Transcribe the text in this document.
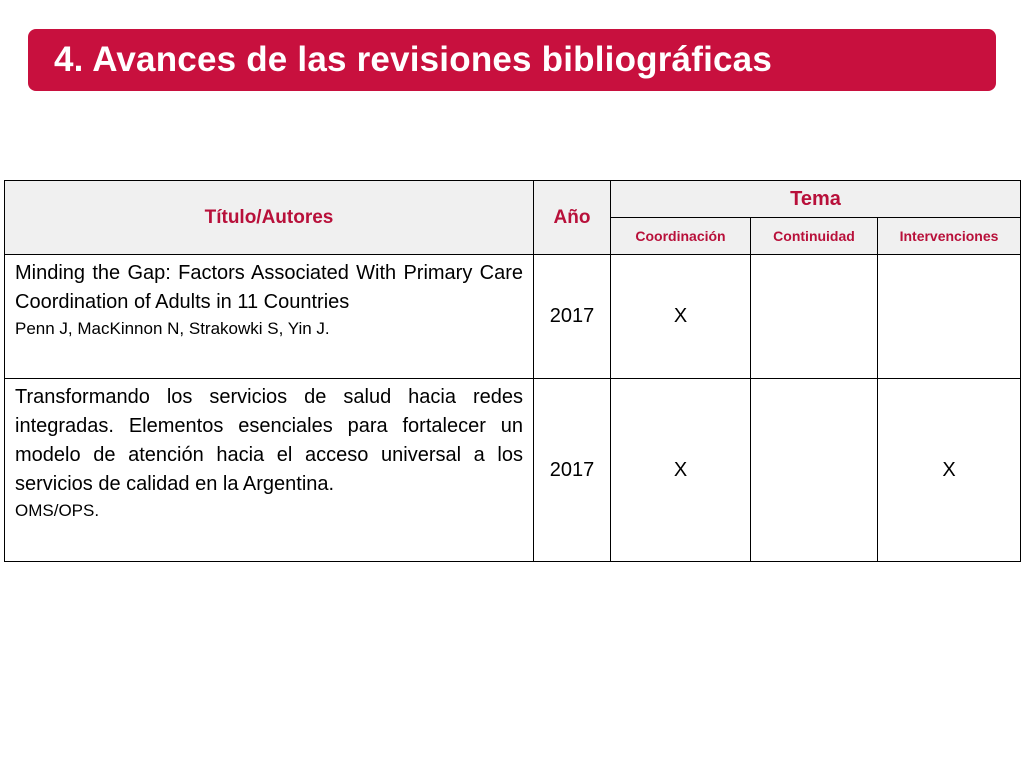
4. Avances de las revisiones bibliográficas
Título/Autores	Año	Tema		
		Coordinación	Continuidad	Intervenciones

Minding the Gap: Factors Associated With Primary Care Coordination of Adults in 11 Countries
Penn J, MacKinnon N, Strakowki S, Yin J.	2017	X		

Transformando los servicios de salud hacia redes integradas. Elementos esenciales para fortalecer un modelo de atención hacia el acceso universal a los servicios de calidad en la Argentina.
OMS/OPS.	2017	X		X
